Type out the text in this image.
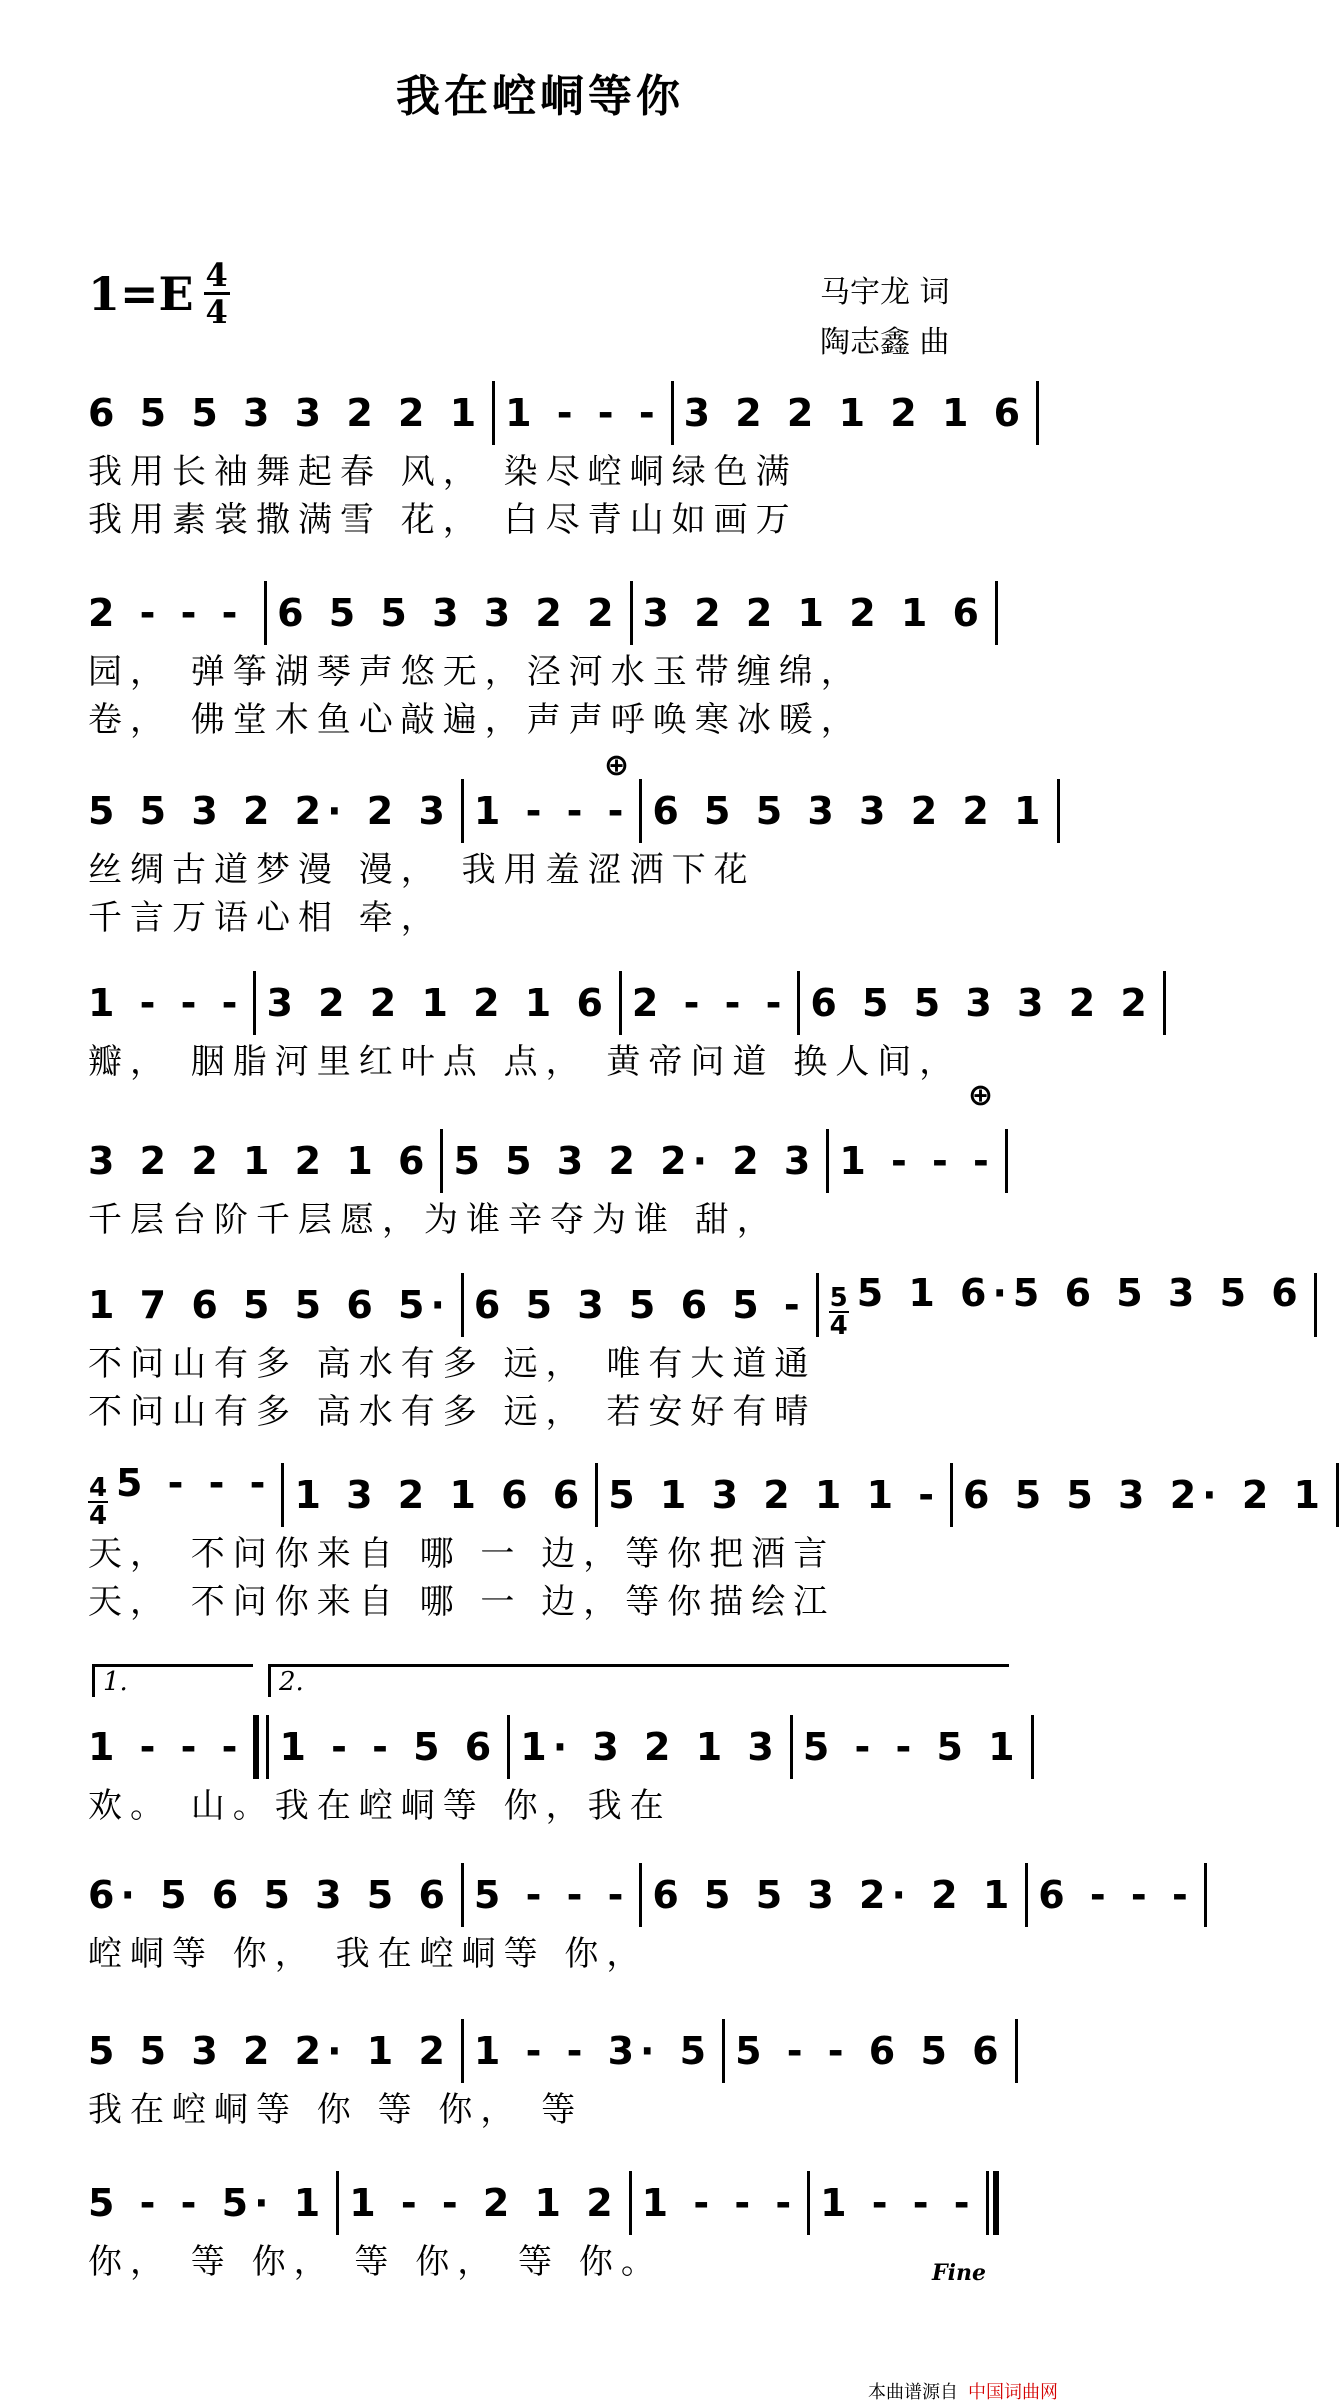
我在崆峒等你
$1=E \frac{4}{4}$	马宇龙 词
陶志鑫 曲
6 5 5 3 3 2 2 1 1 - - - 3 2 2 1 2 1 6
我用长袖舞起春 风， 染尽崆峒绿色满
我用素裳撒满雪 花， 白尽青山如画万
2 - - - 6 5 5 3 3 2 2 3 2 2 1 2 1 6
园， 弹筝湖琴声悠无，泾河水玉带缠绵，
卷， 佛堂木鱼心敲遍，声声呼唤寒冰暖，
⊕
5 5 3 2 2· 2 3 1 - - - 6 5 5 3 3 2 2 1
丝绸古道梦漫 漫， 我用羞涩洒下花
千言万语心相 牵，
1 - - - 3 2 2 1 2 1 6 2 - - - 6 5 5 3 3 2 2
瓣， 胭脂河里红叶点 点， 黄帝问道 换人间，
⊕
3 2 2 1 2 1 6 5 5 3 2 2· 2 3 1 - - -
千层台阶千层愿，为谁辛夺为谁 甜，
1 7 6 5 5 6 5· 6 5 3 5 6 $5 - \frac{5}{4} 5$ 1 6·5 6 5 3 5 6
不问山有多 高水有多 远， 唯有大道通
不问山有多 高水有多 远， 若安好有晴
$\frac{4}{4} 5$ - - - 1 3 2 1 6 6 5 1 3 2 1 1 - 6 5 5 3 2· 2 1
天， 不问你来自 哪 一 边，等你把酒言
天， 不问你来自 哪 一 边，等你描绘江
1.	2.
1 - - - 1 - - 5 6 1· 3 2 1 3 5 - - 5 1
欢。 山。我在崆峒等 你，我在
6· 5 6 5 3 5 6 5 - - - 6 5 5 3 2· 2 1 6 - - -
崆峒等 你， 我在崆峒等 你，
5 5 3 2 2· 1 2 1 - - 3· 5 5 - - 6 5 6
我在崆峒等 你 等 你， 等
5 - - 5· 1 1 - - 2 1 2 1 - - - 1 - - -
你， 等 你， 等 你， 等 你。	Fine
本曲谱源自 中国词曲网
